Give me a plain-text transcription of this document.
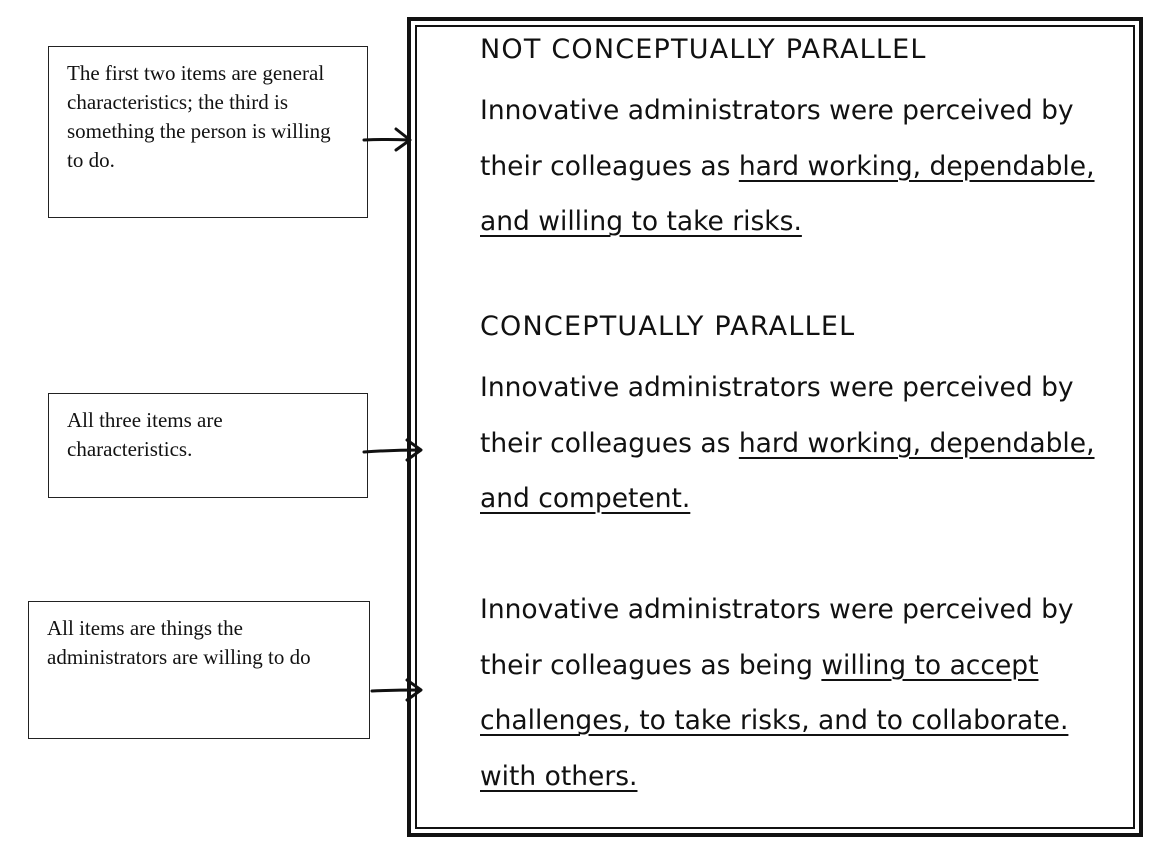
The first two items are general characteristics; the third is something the person is willing to do.
All three items are characteristics.
All items are things the administrators are willing to do
NOT CONCEPTUALLY PARALLEL
Innovative administrators were perceived by their colleagues as hard working, dependable, and willing to take risks.
CONCEPTUALLY PARALLEL
Innovative administrators were perceived by their colleagues as hard working, dependable, and competent.
Innovative administrators were perceived by their colleagues as being willing to accept challenges, to take risks, and to collaborate. with others.
